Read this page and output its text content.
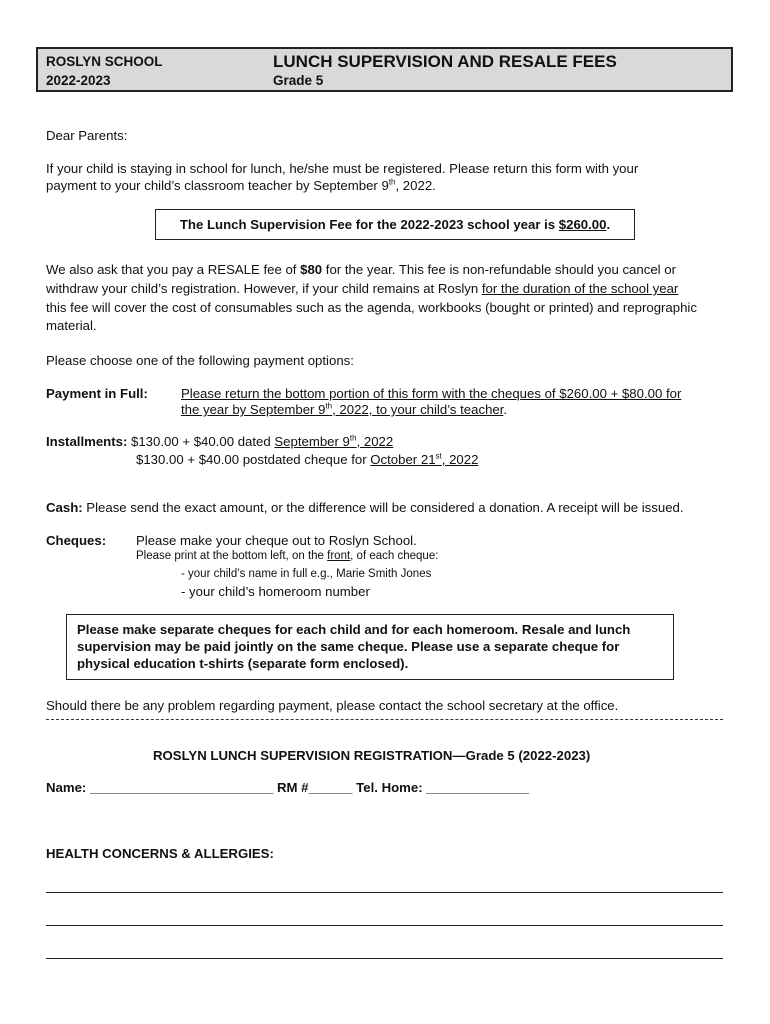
ROSLYN SCHOOL
2022-2023
LUNCH SUPERVISION AND RESALE FEES
Grade 5
Dear Parents:
If your child is staying in school for lunch, he/she must be registered. Please return this form with your
payment to your child’s classroom teacher by September 9th, 2022.
The Lunch Supervision Fee for the 2022-2023 school year is $260.00.
We also ask that you pay a RESALE fee of $80 for the year. This fee is non-refundable should you cancel or
withdraw your child’s registration. However, if your child remains at Roslyn for the duration of the school year
this fee will cover the cost of consumables such as the agenda, workbooks (bought or printed) and reprographic
material.
Please choose one of the following payment options:
Payment in Full:	Please return the bottom portion of this form with the cheques of $260.00 + $80.00 for
the year by September 9th, 2022, to your child’s teacher.
Installments: $130.00 + $40.00 dated September 9th, 2022
$130.00 + $40.00 postdated cheque for October 21st, 2022
Cash: Please send the exact amount, or the difference will be considered a donation. A receipt will be issued.
Cheques: Please make your cheque out to Roslyn School.
Please print at the bottom left, on the front, of each cheque:
- your child’s name in full e.g., Marie Smith Jones
- your child’s homeroom number
Please make separate cheques for each child and for each homeroom. Resale and lunch
supervision may be paid jointly on the same cheque. Please use a separate cheque for
physical education t-shirts (separate form enclosed).
Should there be any problem regarding payment, please contact the school secretary at the office.
ROSLYN LUNCH SUPERVISION REGISTRATION—Grade 5 (2022-2023)
Name: _________________________ RM #______ Tel. Home: ______________
HEALTH CONCERNS & ALLERGIES:
